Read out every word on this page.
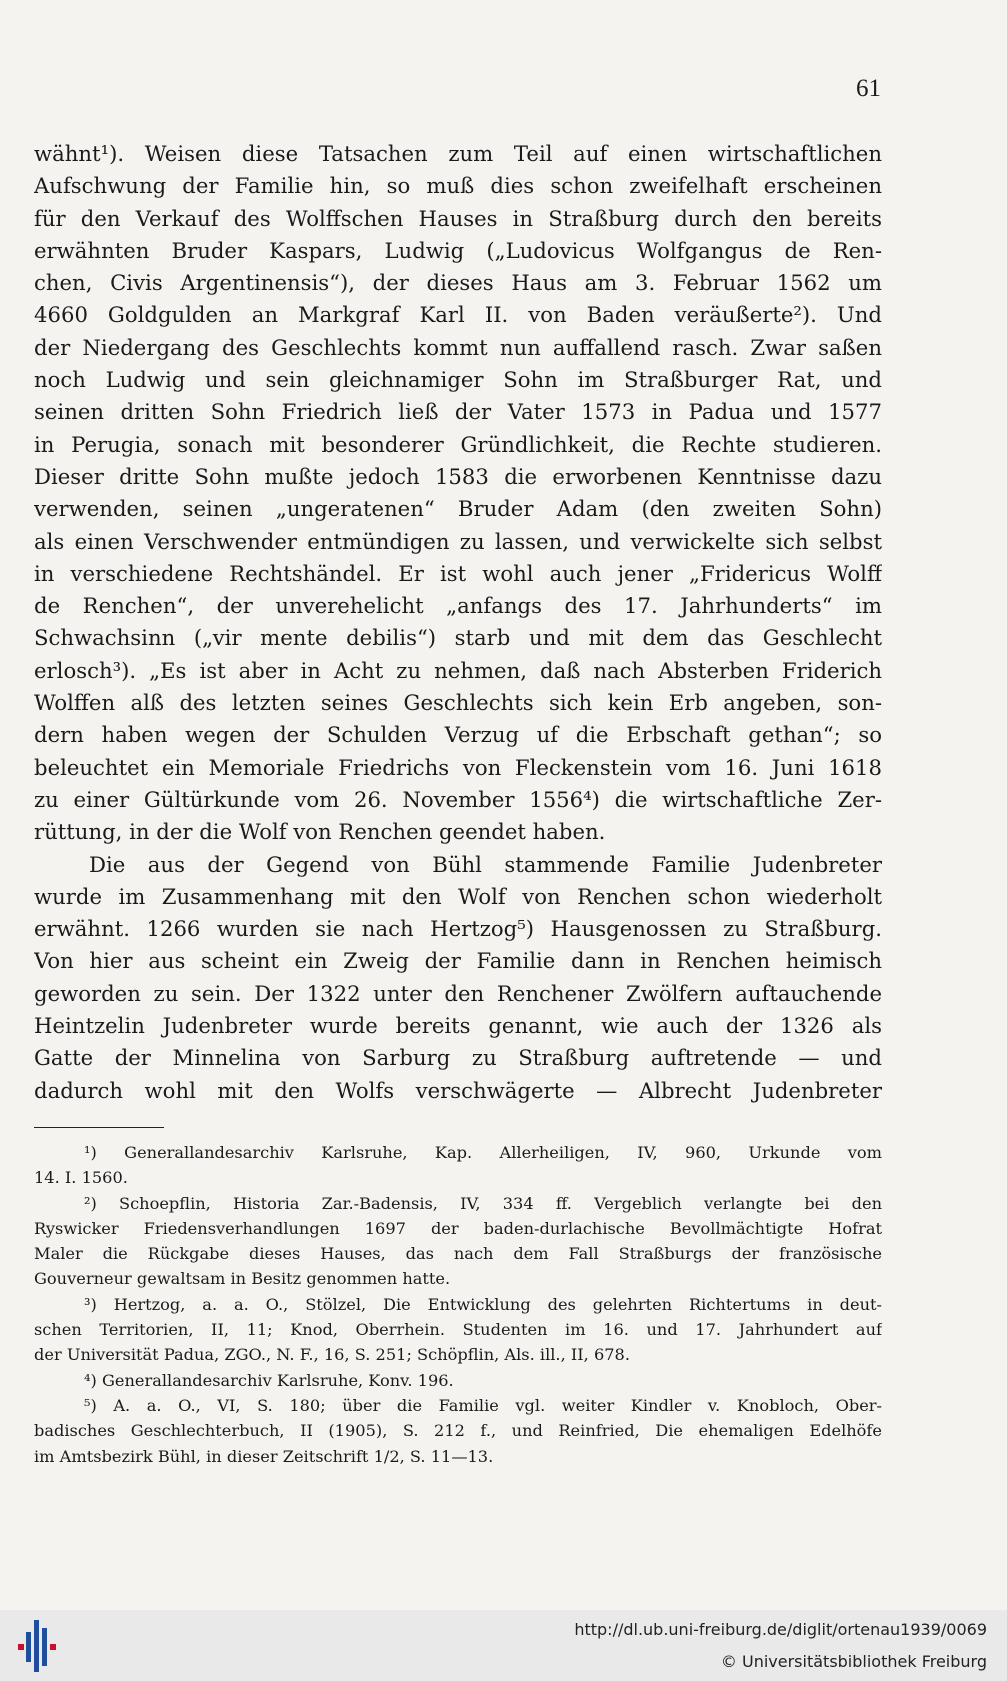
61
wähnt¹). Weisen diese Tatsachen zum Teil auf einen wirtschaftlichen
Aufschwung der Familie hin, so muß dies schon zweifelhaft erscheinen
für den Verkauf des Wolffschen Hauses in Straßburg durch den bereits
erwähnten Bruder Kaspars, Ludwig („Ludovicus Wolfgangus de Ren-
chen, Civis Argentinensis“), der dieses Haus am 3. Februar 1562 um
4660 Goldgulden an Markgraf Karl II. von Baden veräußerte²). Und
der Niedergang des Geschlechts kommt nun auffallend rasch. Zwar saßen
noch Ludwig und sein gleichnamiger Sohn im Straßburger Rat, und
seinen dritten Sohn Friedrich ließ der Vater 1573 in Padua und 1577
in Perugia, sonach mit besonderer Gründlichkeit, die Rechte studieren.
Dieser dritte Sohn mußte jedoch 1583 die erworbenen Kenntnisse dazu
verwenden, seinen „ungeratenen“ Bruder Adam (den zweiten Sohn)
als einen Verschwender entmündigen zu lassen, und verwickelte sich selbst
in verschiedene Rechtshändel. Er ist wohl auch jener „Fridericus Wolff
de Renchen“, der unverehelicht „anfangs des 17. Jahrhunderts“ im
Schwachsinn („vir mente debilis“) starb und mit dem das Geschlecht
erlosch³). „Es ist aber in Acht zu nehmen, daß nach Absterben Friderich
Wolffen alß des letzten seines Geschlechts sich kein Erb angeben, son-
dern haben wegen der Schulden Verzug uf die Erbschaft gethan“; so
beleuchtet ein Memoriale Friedrichs von Fleckenstein vom 16. Juni 1618
zu einer Gültürkunde vom 26. November 1556⁴) die wirtschaftliche Zer-
rüttung, in der die Wolf von Renchen geendet haben.
Die aus der Gegend von Bühl stammende Familie Judenbreter
wurde im Zusammenhang mit den Wolf von Renchen schon wiederholt
erwähnt. 1266 wurden sie nach Hertzog⁵) Hausgenossen zu Straßburg.
Von hier aus scheint ein Zweig der Familie dann in Renchen heimisch
geworden zu sein. Der 1322 unter den Renchener Zwölfern auftauchende
Heintzelin Judenbreter wurde bereits genannt, wie auch der 1326 als
Gatte der Minnelina von Sarburg zu Straßburg auftretende — und
dadurch wohl mit den Wolfs verschwägerte — Albrecht Judenbreter
¹) Generallandesarchiv Karlsruhe, Kap. Allerheiligen, IV, 960, Urkunde vom
14. I. 1560.
²) Schoepflin, Historia Zar.-Badensis, IV, 334 ff. Vergeblich verlangte bei den
Ryswicker Friedensverhandlungen 1697 der baden-durlachische Bevollmächtigte Hofrat
Maler die Rückgabe dieses Hauses, das nach dem Fall Straßburgs der französische
Gouverneur gewaltsam in Besitz genommen hatte.
³) Hertzog, a. a. O., Stölzel, Die Entwicklung des gelehrten Richtertums in deut-
schen Territorien, II, 11; Knod, Oberrhein. Studenten im 16. und 17. Jahrhundert auf
der Universität Padua, ZGO., N. F., 16, S. 251; Schöpflin, Als. ill., II, 678.
⁴) Generallandesarchiv Karlsruhe, Konv. 196.
⁵) A. a. O., VI, S. 180; über die Familie vgl. weiter Kindler v. Knobloch, Ober-
badisches Geschlechterbuch, II (1905), S. 212 f., und Reinfried, Die ehemaligen Edelhöfe
im Amtsbezirk Bühl, in dieser Zeitschrift 1/2, S. 11—13.
http://dl.ub.uni-freiburg.de/diglit/ortenau1939/0069
© Universitätsbibliothek Freiburg
